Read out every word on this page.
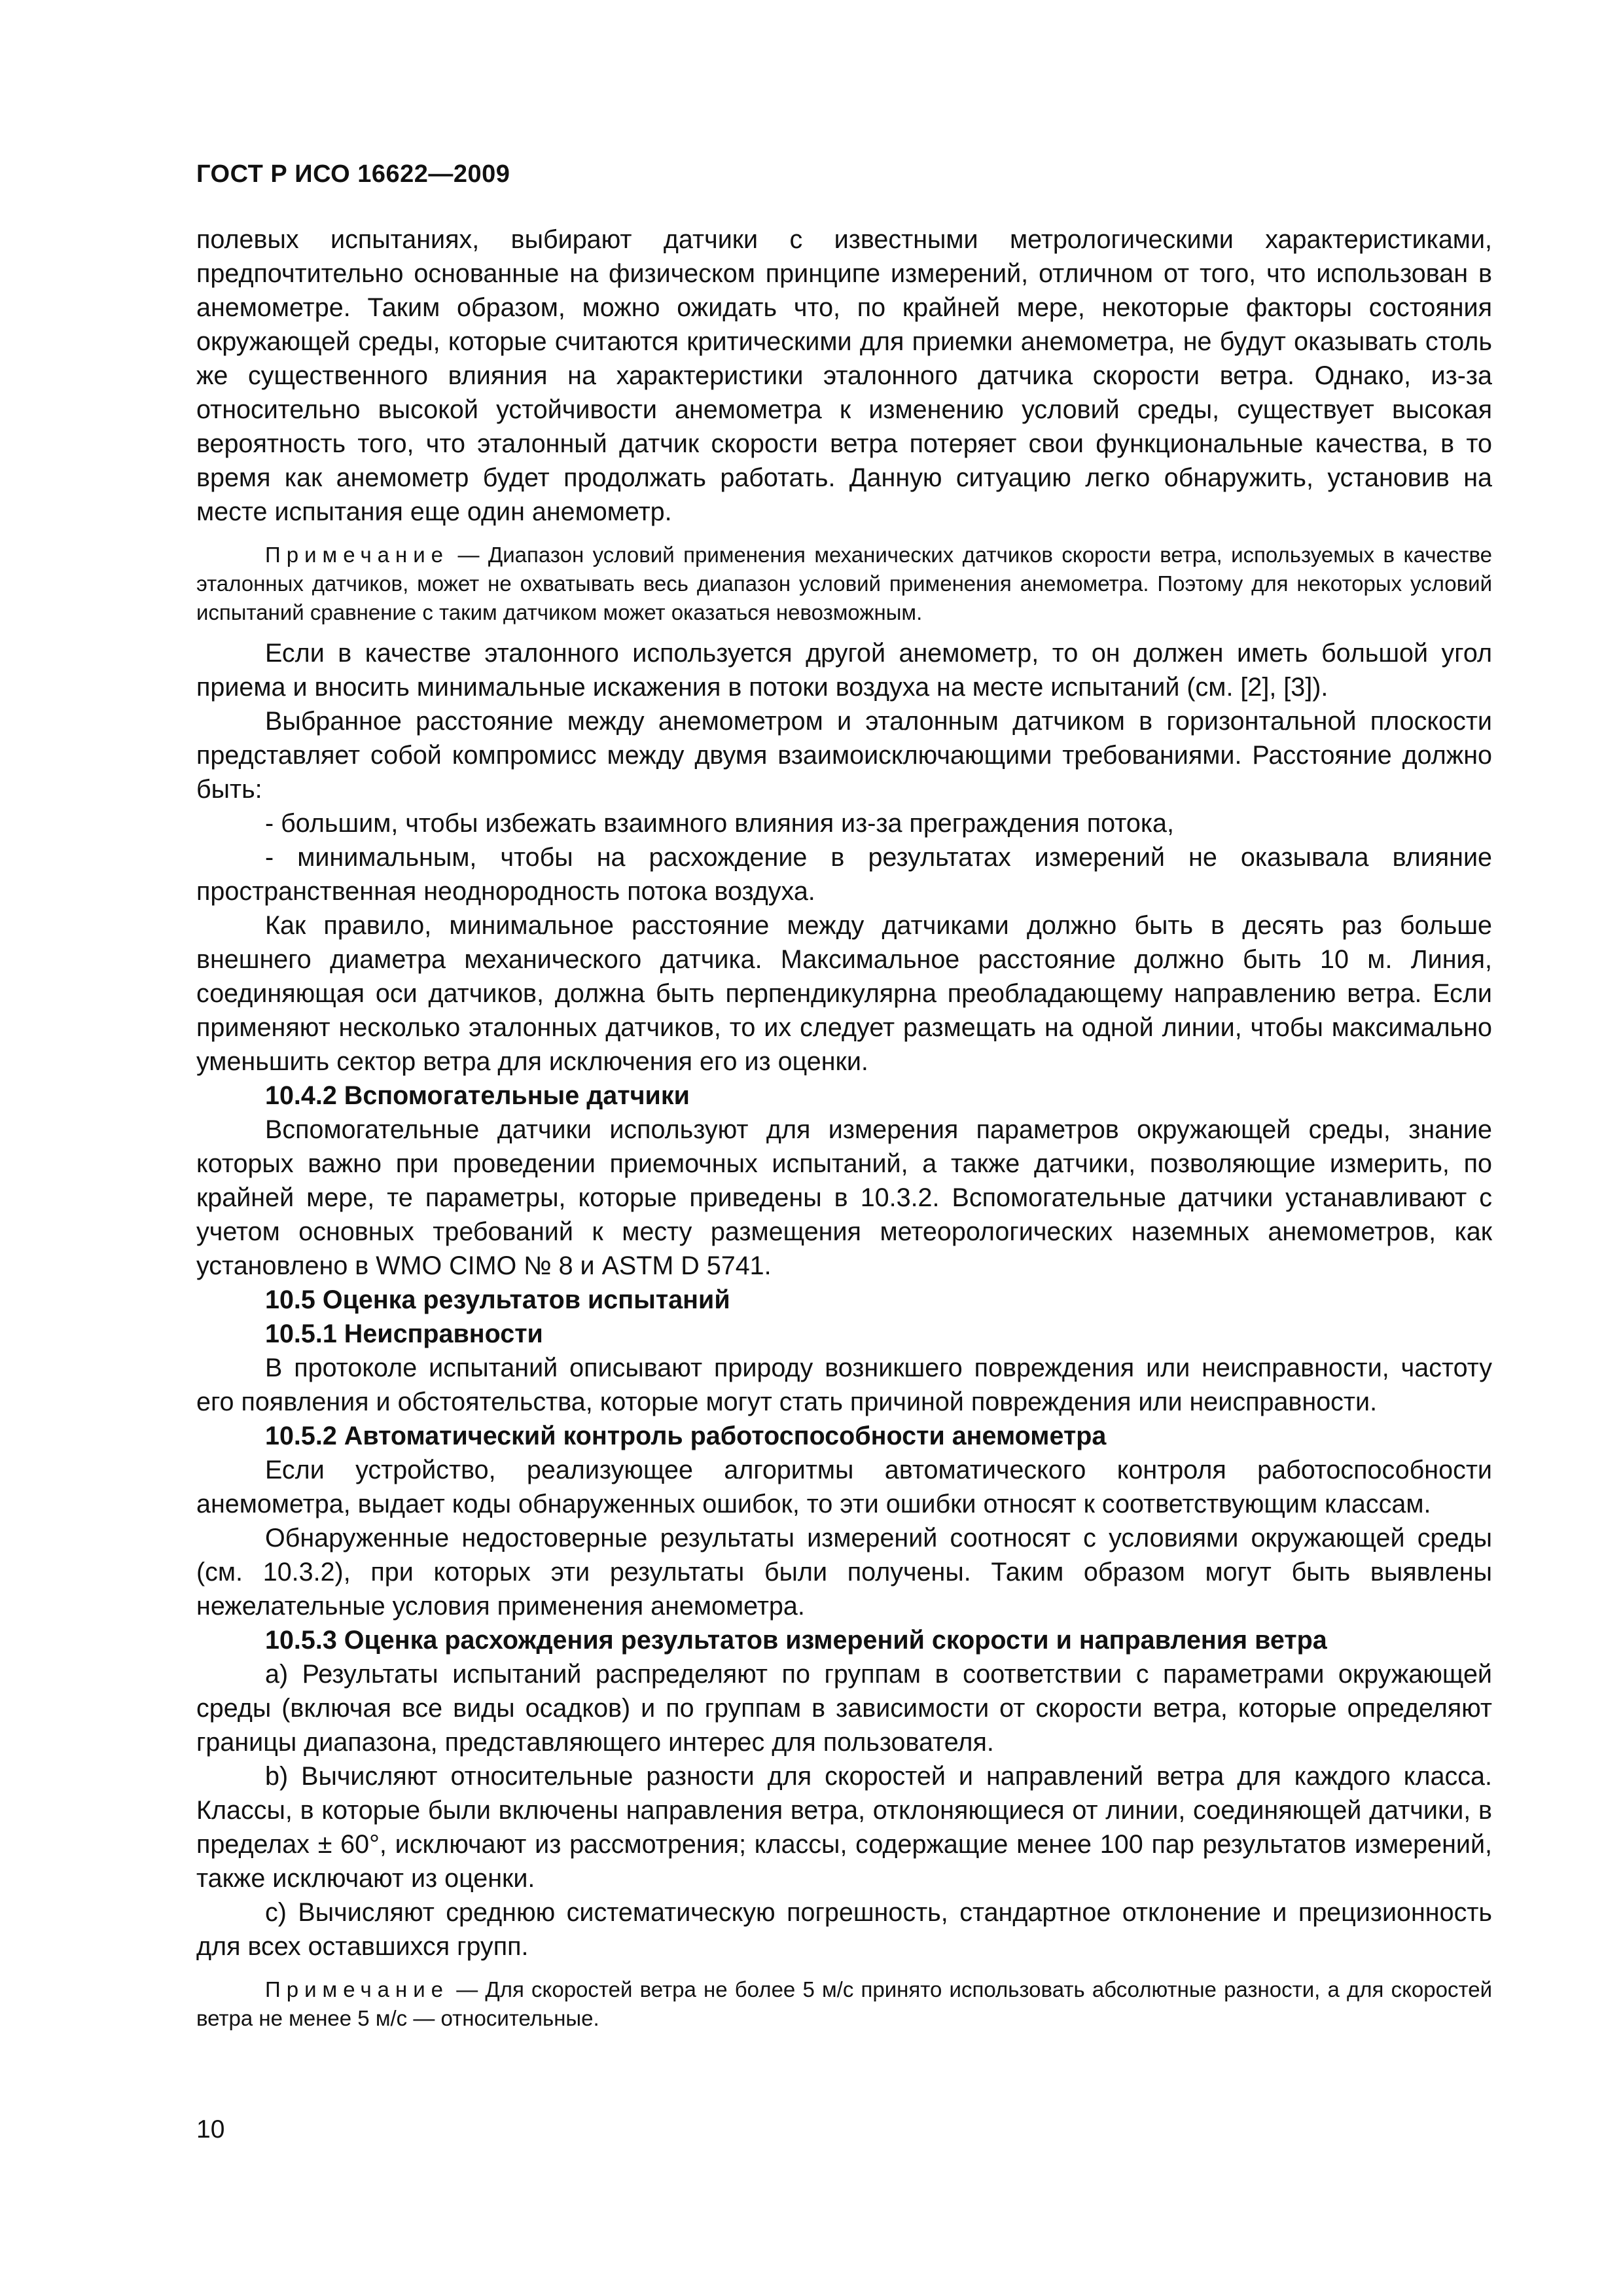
ГОСТ Р ИСО 16622—2009

полевых испытаниях, выбирают датчики с известными метрологическими характеристиками, предпочтительно основанные на физическом принципе измерений, отличном от того, что использован в анемометре. Таким образом, можно ожидать что, по крайней мере, некоторые факторы состояния окружающей среды, которые считаются критическими для приемки анемометра, не будут оказывать столь же существенного влияния на характеристики эталонного датчика скорости ветра. Однако, из-за относительно высокой устойчивости анемометра к изменению условий среды, существует высокая вероятность того, что эталонный датчик скорости ветра потеряет свои функциональные качества, в то время как анемометр будет продолжать работать. Данную ситуацию легко обнаружить, установив на месте испытания еще один анемометр.

Примечание — Диапазон условий применения механических датчиков скорости ветра, используемых в качестве эталонных датчиков, может не охватывать весь диапазон условий применения анемометра. Поэтому для некоторых условий испытаний сравнение с таким датчиком может оказаться невозможным.

Если в качестве эталонного используется другой анемометр, то он должен иметь большой угол приема и вносить минимальные искажения в потоки воздуха на месте испытаний (см. [2], [3]).

Выбранное расстояние между анемометром и эталонным датчиком в горизонтальной плоскости представляет собой компромисс между двумя взаимоисключающими требованиями. Расстояние должно быть:

- большим, чтобы избежать взаимного влияния из-за преграждения потока,

- минимальным, чтобы на расхождение в результатах измерений не оказывала влияние пространственная неоднородность потока воздуха.

Как правило, минимальное расстояние между датчиками должно быть в десять раз больше внешнего диаметра механического датчика. Максимальное расстояние должно быть 10 м. Линия, соединяющая оси датчиков, должна быть перпендикулярна преобладающему направлению ветра. Если применяют несколько эталонных датчиков, то их следует размещать на одной линии, чтобы максимально уменьшить сектор ветра для исключения его из оценки.

10.4.2 Вспомогательные датчики

Вспомогательные датчики используют для измерения параметров окружающей среды, знание которых важно при проведении приемочных испытаний, а также датчики, позволяющие измерить, по крайней мере, те параметры, которые приведены в 10.3.2. Вспомогательные датчики устанавливают с учетом основных требований к месту размещения метеорологических наземных анемометров, как установлено в WMO CIMO № 8 и ASTM D 5741.

10.5 Оценка результатов испытаний

10.5.1 Неисправности

В протоколе испытаний описывают природу возникшего повреждения или неисправности, частоту его появления и обстоятельства, которые могут стать причиной повреждения или неисправности.

10.5.2 Автоматический контроль работоспособности анемометра

Если устройство, реализующее алгоритмы автоматического контроля работоспособности анемометра, выдает коды обнаруженных ошибок, то эти ошибки относят к соответствующим классам.

Обнаруженные недостоверные результаты измерений соотносят с условиями окружающей среды (см. 10.3.2), при которых эти результаты были получены. Таким образом могут быть выявлены нежелательные условия применения анемометра.

10.5.3 Оценка расхождения результатов измерений скорости и направления ветра

a) Результаты испытаний распределяют по группам в соответствии с параметрами окружающей среды (включая все виды осадков) и по группам в зависимости от скорости ветра, которые определяют границы диапазона, представляющего интерес для пользователя.

b) Вычисляют относительные разности для скоростей и направлений ветра для каждого класса. Классы, в которые были включены направления ветра, отклоняющиеся от линии, соединяющей датчики, в пределах ± 60°, исключают из рассмотрения; классы, содержащие менее 100 пар результатов измерений, также исключают из оценки.

c) Вычисляют среднюю систематическую погрешность, стандартное отклонение и прецизионность для всех оставшихся групп.

Примечание — Для скоростей ветра не более 5 м/с принято использовать абсолютные разности, а для скоростей ветра не менее 5 м/с — относительные.

10
